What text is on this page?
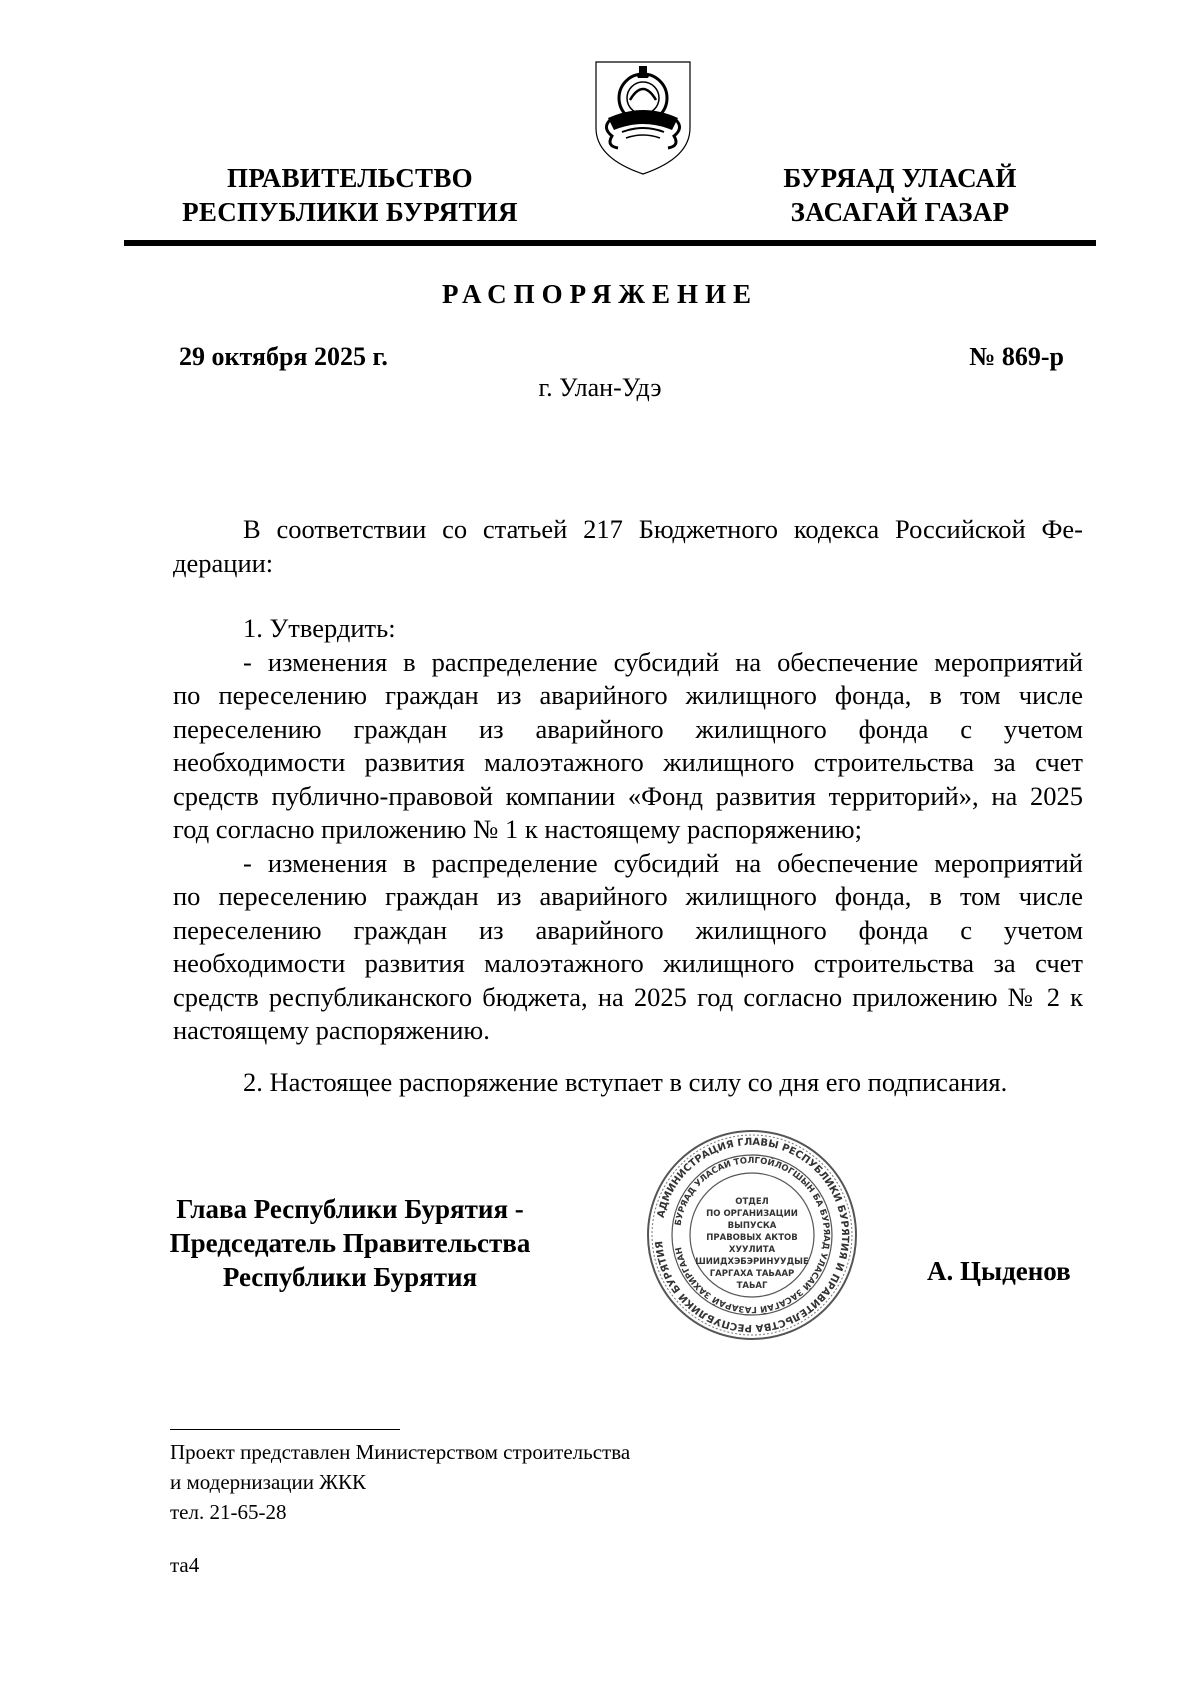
ПРАВИТЕЛЬСТВО
РЕСПУБЛИКИ БУРЯТИЯ
БУРЯАД УЛАСАЙ
ЗАСАГАЙ ГАЗАР
РАСПОРЯЖЕНИЕ
29 октября 2025 г.	№ 869-р
г. Улан-Удэ
В соответствии со статьей 217 Бюджетного кодекса Российской Фе-
дерации:
1. Утвердить:
- изменения в распределение субсидий на обеспечение мероприятий
по переселению граждан из аварийного жилищного фонда, в том числе переселению граждан из аварийного жилищного фонда с учетом необходимости развития малоэтажного жилищного строительства за счет средств публично-правовой компании «Фонд развития территорий», на 2025 год согласно приложению № 1 к настоящему распоряжению;
- изменения в распределение субсидий на обеспечение мероприятий
по переселению граждан из аварийного жилищного фонда, в том числе переселению граждан из аварийного жилищного фонда с учетом необходимости развития малоэтажного жилищного строительства за счет средств республиканского бюджета, на 2025 год согласно приложению № 2 к настоящему распоряжению.
2. Настоящее распоряжение вступает в силу со дня его подписания.
Глава Республики Бурятия -
Председатель Правительства
Республики Бурятия	А. Цыденов
АДМИНИСТРАЦИЯ ГЛАВЫ РЕСПУБЛИКИ БУРЯТИЯ И ПРАВИТЕЛЬСТВА РЕСПУБЛИКИ БУРЯТИЯ
БУРЯАД УЛАСАЙ ТОЛГОЙЛОГШЫН БА БУРЯАД УЛАСАЙ ЗАСАГАЙ ГАЗАРАЙ ЗАХИРГААН
ОТДЕЛ
ПО ОРГАНИЗАЦИИ
ВЫПУСКА
ПРАВОВЫХ АКТОВ
ХУУЛИТА
ШИИДХЭБЭРИНУУДЫЕ
ГАРГАХА ТАЬААР
ТАЬАГ
Проект представлен Министерством строительства
и модернизации ЖКК
тел. 21-65-28
та4
